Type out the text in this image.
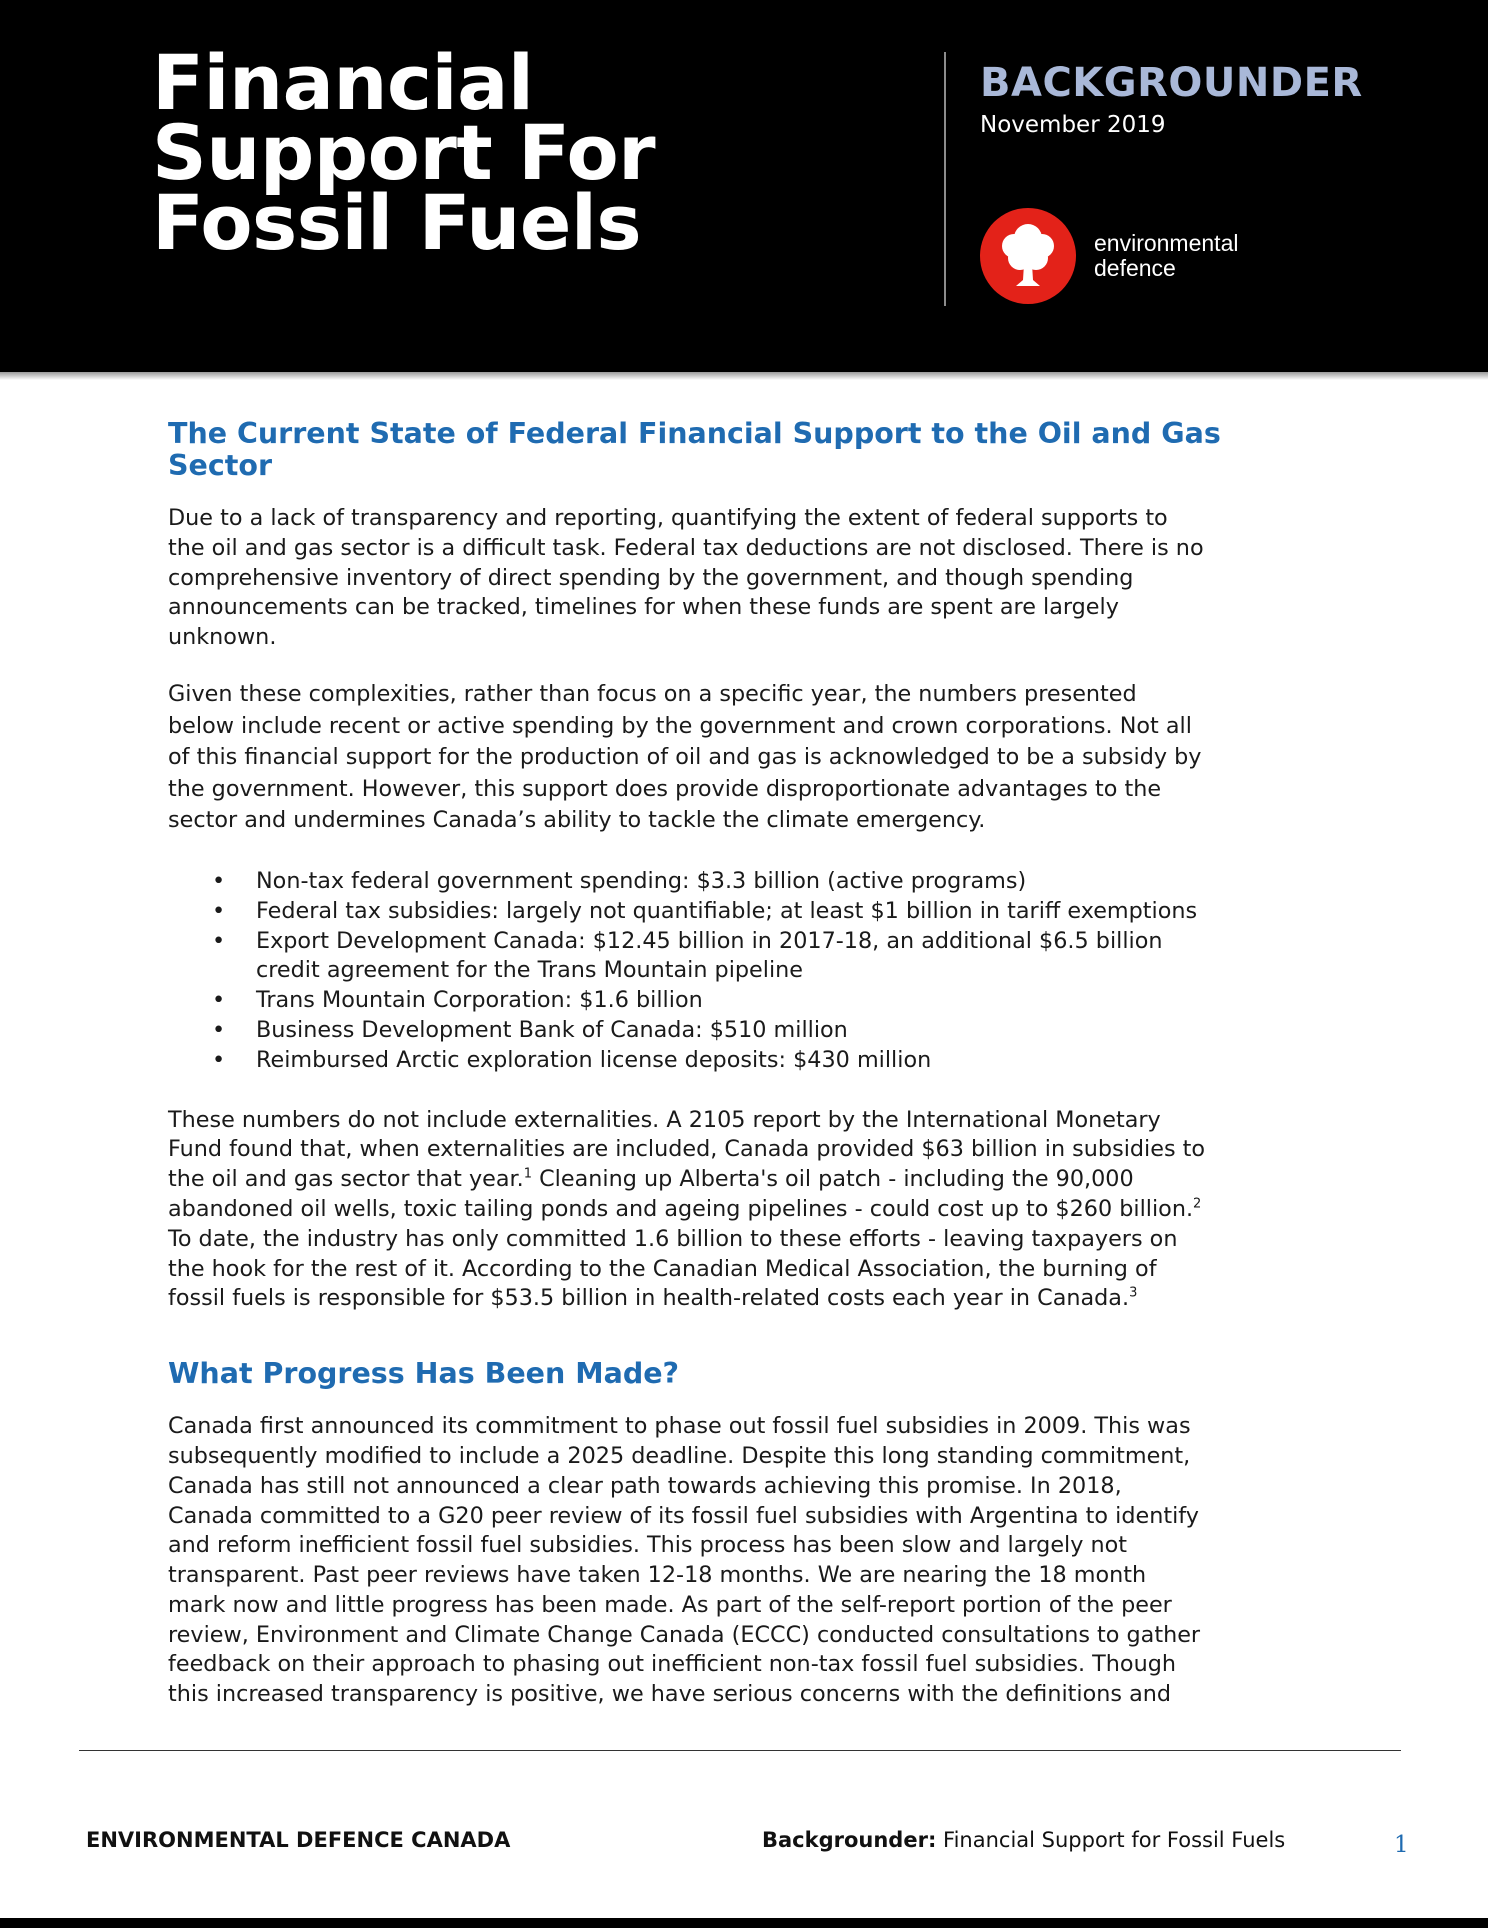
Financial
Support For
Fossil Fuels
BACKGROUNDER
November 2019
environmental
defence
The Current State of Federal Financial Support to the Oil and Gas
Sector

Due to a lack of transparency and reporting, quantifying the extent of federal supports to
the oil and gas sector is a difficult task. Federal tax deductions are not disclosed. There is no
comprehensive inventory of direct spending by the government, and though spending
announcements can be tracked, timelines for when these funds are spent are largely
unknown.

Given these complexities, rather than focus on a specific year, the numbers presented
below include recent or active spending by the government and crown corporations. Not all
of this financial support for the production of oil and gas is acknowledged to be a subsidy by
the government. However, this support does provide disproportionate advantages to the
sector and undermines Canada’s ability to tackle the climate emergency.

• Non-tax federal government spending: $3.3 billion (active programs)
• Federal tax subsidies: largely not quantifiable; at least $1 billion in tariff exemptions
• Export Development Canada: $12.45 billion in 2017-18, an additional $6.5 billion
credit agreement for the Trans Mountain pipeline
• Trans Mountain Corporation: $1.6 billion
• Business Development Bank of Canada: $510 million
• Reimbursed Arctic exploration license deposits: $430 million

These numbers do not include externalities. A 2105 report by the International Monetary
Fund found that, when externalities are included, Canada provided $63 billion in subsidies to
the oil and gas sector that year.$^1$ Cleaning up Alberta's oil patch - including the 90,000
abandoned oil wells, toxic tailing ponds and ageing pipelines - could cost up to $260 billion.$^2$
To date, the industry has only committed 1.6 billion to these efforts - leaving taxpayers on
the hook for the rest of it. According to the Canadian Medical Association, the burning of
fossil fuels is responsible for $53.5 billion in health-related costs each year in Canada.$^3$

What Progress Has Been Made?

Canada first announced its commitment to phase out fossil fuel subsidies in 2009. This was
subsequently modified to include a 2025 deadline. Despite this long standing commitment,
Canada has still not announced a clear path towards achieving this promise. In 2018,
Canada committed to a G20 peer review of its fossil fuel subsidies with Argentina to identify
and reform inefficient fossil fuel subsidies. This process has been slow and largely not
transparent. Past peer reviews have taken 12-18 months. We are nearing the 18 month
mark now and little progress has been made. As part of the self-report portion of the peer
review, Environment and Climate Change Canada (ECCC) conducted consultations to gather
feedback on their approach to phasing out inefficient non-tax fossil fuel subsidies. Though
this increased transparency is positive, we have serious concerns with the definitions and

ENVIRONMENTAL DEFENCE CANADA	Backgrounder: Financial Support for Fossil Fuels	1
